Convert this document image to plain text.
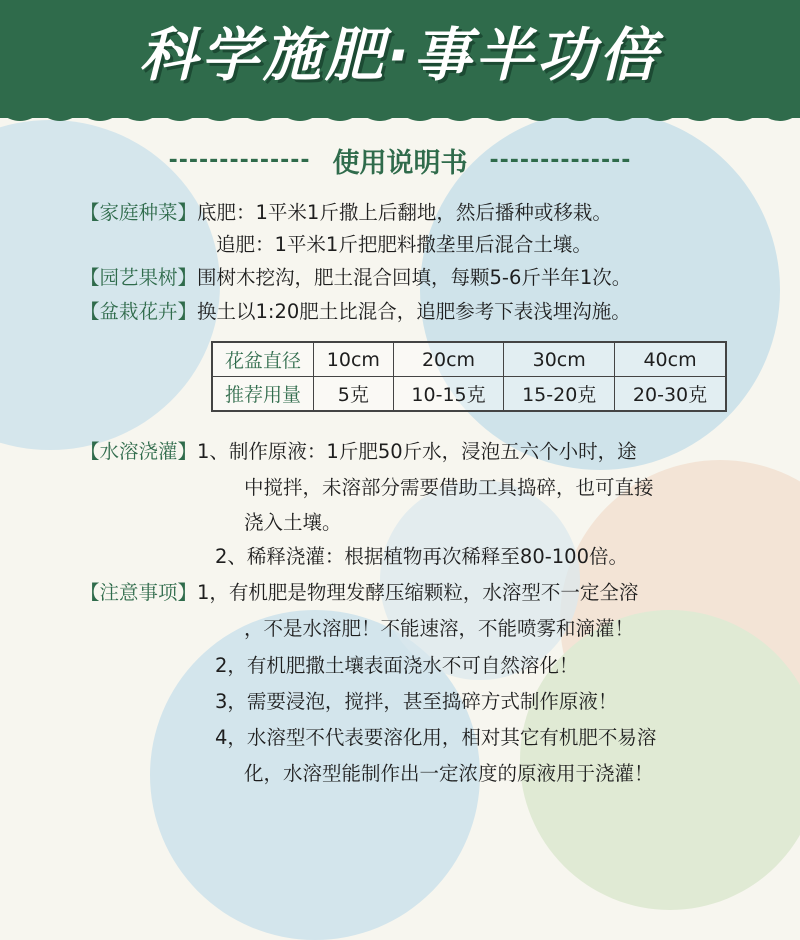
科学施肥·事半功倍
-------------- 使用说明书 --------------
【家庭种菜】底肥：1平米1斤撒上后翻地，然后播种或移栽。
追肥：1平米1斤把肥料撒垄里后混合土壤。
【园艺果树】围树木挖沟，肥土混合回填，每颗5-6斤半年1次。
【盆栽花卉】换土以1:20肥土比混合，追肥参考下表浅埋沟施。
花盆直径	10cm	20cm	30cm	40cm
推荐用量	5克	10-15克	15-20克	20-30克
【水溶浇灌】1、制作原液：1斤肥50斤水，浸泡五六个小时，途
中搅拌，未溶部分需要借助工具捣碎，也可直接
浇入土壤。
2、稀释浇灌：根据植物再次稀释至80-100倍。
【注意事项】1，有机肥是物理发酵压缩颗粒，水溶型不一定全溶
，不是水溶肥！不能速溶，不能喷雾和滴灌！
2，有机肥撒土壤表面浇水不可自然溶化！
3，需要浸泡，搅拌，甚至捣碎方式制作原液！
4，水溶型不代表要溶化用，相对其它有机肥不易溶
化，水溶型能制作出一定浓度的原液用于浇灌！
